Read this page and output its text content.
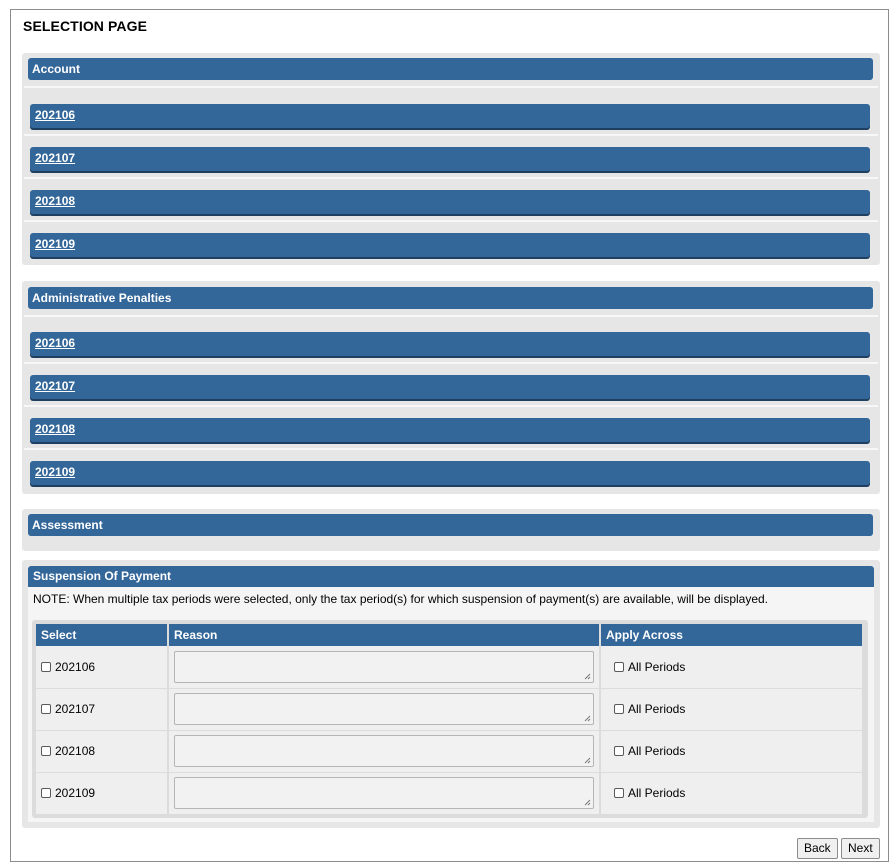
SELECTION PAGE
Account
202106
202107
202108
202109
Administrative Penalties
202106
202107
202108
202109
Assessment
Suspension Of Payment
NOTE: When multiple tax periods were selected, only the tax period(s) for which suspension of payment(s) are available, will be displayed.
Select	Reason	Apply Across
202106		All Periods
202107		All Periods
202108		All Periods
202109		All Periods
Back	Next
